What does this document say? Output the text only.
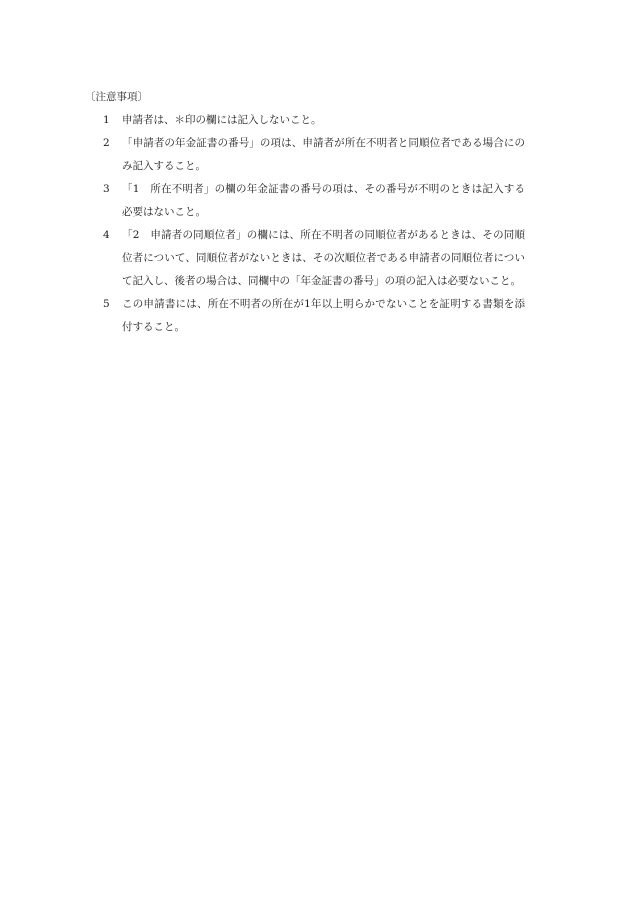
〔注意事項〕

1	申請者は、＊印の欄には記入しないこと。
2	「申請者の年金証書の番号」の項は、申請者が所在不明者と同順位者である場合にのみ記入すること。
3	「1　所在不明者」の欄の年金証書の番号の項は、その番号が不明のときは記入する必要はないこと。
4	「2　申請者の同順位者」の欄には、所在不明者の同順位者があるときは、その同順位者について、同順位者がないときは、その次順位者である申請者の同順位者について記入し、後者の場合は、同欄中の「年金証書の番号」の項の記入は必要ないこと。
5	この申請書には、所在不明者の所在が1年以上明らかでないことを証明する書類を添付すること。
